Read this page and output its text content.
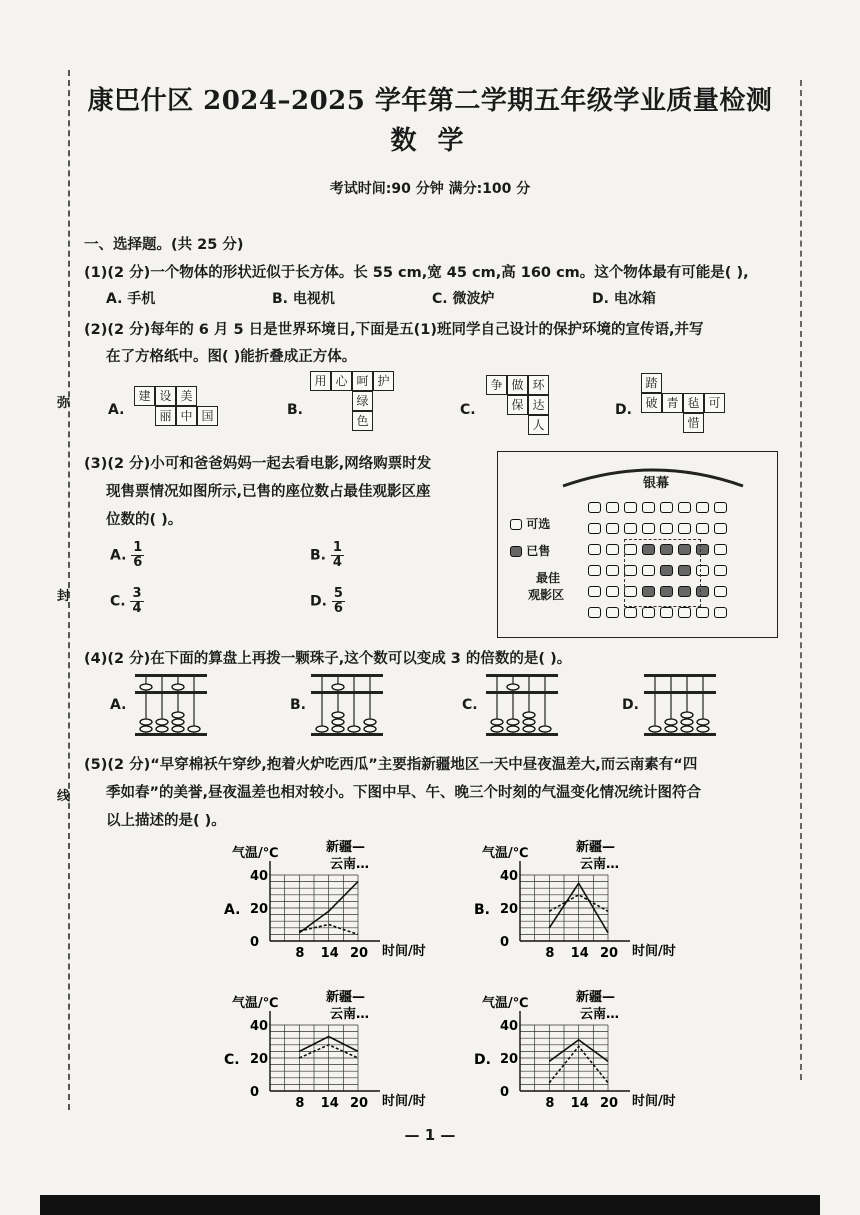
弥
封
线
康巴什区 2024–2025 学年第二学期五年级学业质量检测
数 学
考试时间:90 分钟 满分:100 分
一、选择题。(共 25 分)
(1)(2 分)一个物体的形状近似于长方体。长 55 cm,宽 45 cm,高 160 cm。这个物体最有可能是( ),
A. 手机	B. 电视机	C. 微波炉	D. 电冰箱
(2)(2 分)每年的 6 月 5 日是世界环境日,下面是五(1)班同学自己设计的保护环境的宣传语,并写
在了方格纸中。图( )能折叠成正方体。
A.
建 设 美
丽 中 国	B.
用 心 呵 护
绿
色
C.
争 做 环
保 达
人
D.
踏
破 青 毡 可
惜
(3)(2 分)小可和爸爸妈妈一起去看电影,网络购票时发
现售票情况如图所示,已售的座位数占最佳观影区座
位数的( )。
A. $\frac{1}{6}$	B. $\frac{1}{4}$
C. $\frac{3}{4}$	D. $\frac{5}{6}$
银幕
可选
已售
最佳
观影区
(4)(2 分)在下面的算盘上再拨一颗珠子,这个数可以变成 3 的倍数的是( )。
A.	B.	C.	D.
(5)(2 分)“早穿棉袄午穿纱,抱着火炉吃西瓜”主要指新疆地区一天中昼夜温差大,而云南素有“四
季如春”的美誉,昼夜温差也相对较小。下图中早、午、晚三个时刻的气温变化情况统计图符合
以上描述的是( )。
A.
气温/℃
时间/时
新疆—
云南…
0
20
40
8 14 20
B.
气温/℃
时间/时
新疆—
云南…
0
20
40
8 14 20
C.
气温/℃
时间/时
新疆—
云南…
0
20
40
8 14 20
D.
气温/℃
时间/时
新疆—
云南…
0
20
40
8 14 20
— 1 —
